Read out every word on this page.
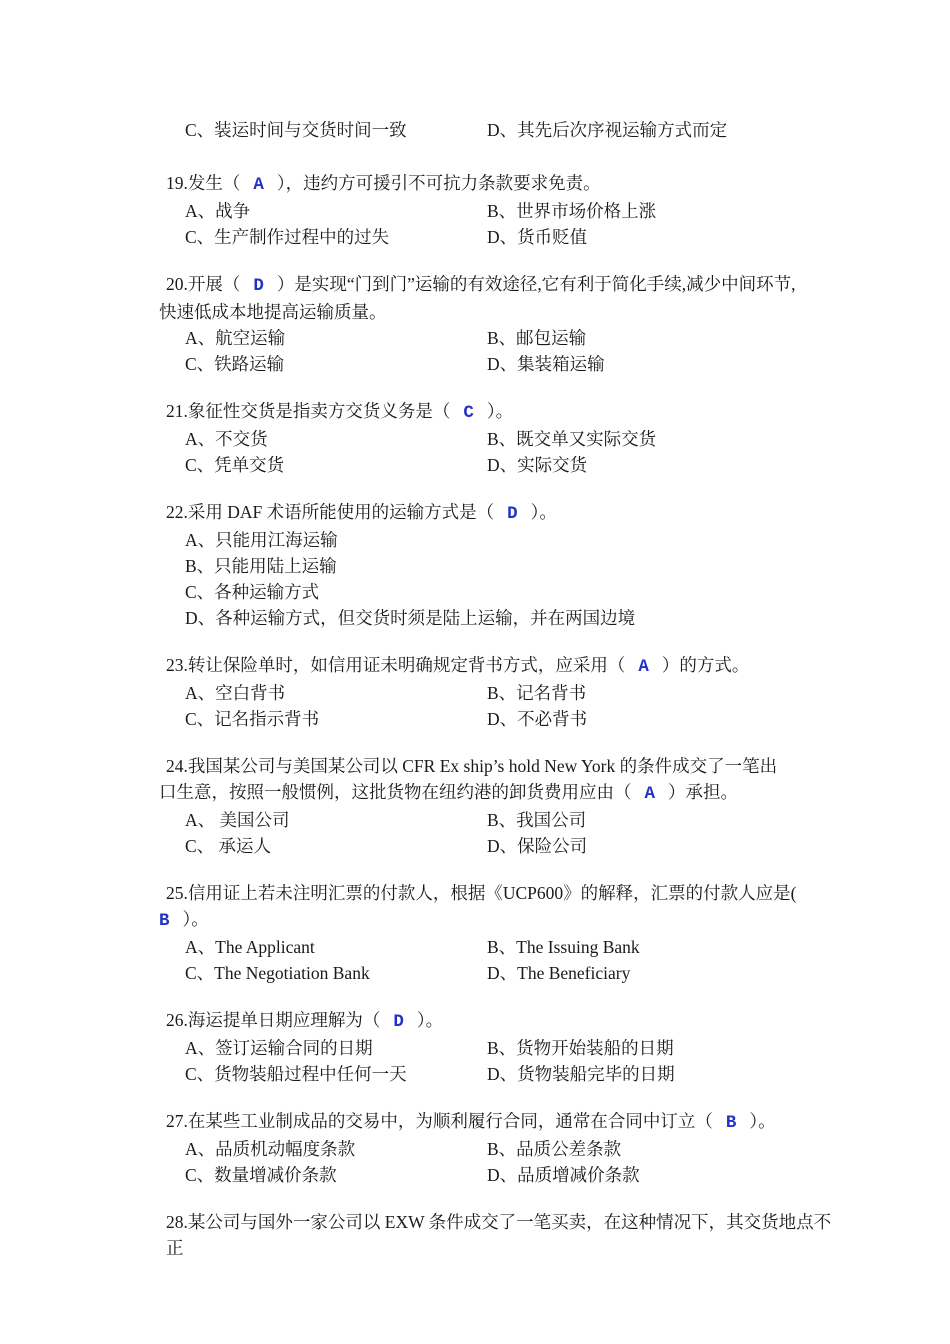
C、装运时间与交货时间一致	D、其先后次序视运输方式而定
19.发生（ A ），违约方可援引不可抗力条款要求免责。
A、战争	B、世界市场价格上涨
C、生产制作过程中的过失	D、货币贬值
20.开展（ D ）是实现“门到门”运输的有效途径,它有利于简化手续,减少中间环节,
快速低成本地提高运输质量。
A、航空运输	B、邮包运输
C、铁路运输	D、集装箱运输
21.象征性交货是指卖方交货义务是（ C ）。
A、不交货	B、既交单又实际交货
C、凭单交货	D、实际交货
22.采用 DAF 术语所能使用的运输方式是（ D ）。
A、只能用江海运输
B、只能用陆上运输
C、各种运输方式
D、各种运输方式，但交货时须是陆上运输，并在两国边境
23.转让保险单时，如信用证未明确规定背书方式，应采用（ A ）的方式。
A、空白背书	B、记名背书
C、记名指示背书	D、不必背书
24.我国某公司与美国某公司以 CFR Ex ship’s hold New York 的条件成交了一笔出
口生意，按照一般惯例，这批货物在纽约港的卸货费用应由（ A ）承担。
A、 美国公司	B、我国公司
C、 承运人	D、保险公司
25.信用证上若未注明汇票的付款人，根据《UCP600》的解释，汇票的付款人应是(
B ）。
A、The Applicant	B、The Issuing Bank
C、The Negotiation Bank	D、The Beneficiary
26.海运提单日期应理解为（ D ）。
A、签订运输合同的日期	B、货物开始装船的日期
C、货物装船过程中任何一天	D、货物装船完毕的日期
27.在某些工业制成品的交易中，为顺利履行合同，通常在合同中订立（ B ）。
A、品质机动幅度条款	B、品质公差条款
C、数量增减价条款	D、品质增减价条款
28.某公司与国外一家公司以 EXW 条件成交了一笔买卖，在这种情况下，其交货地点不正
